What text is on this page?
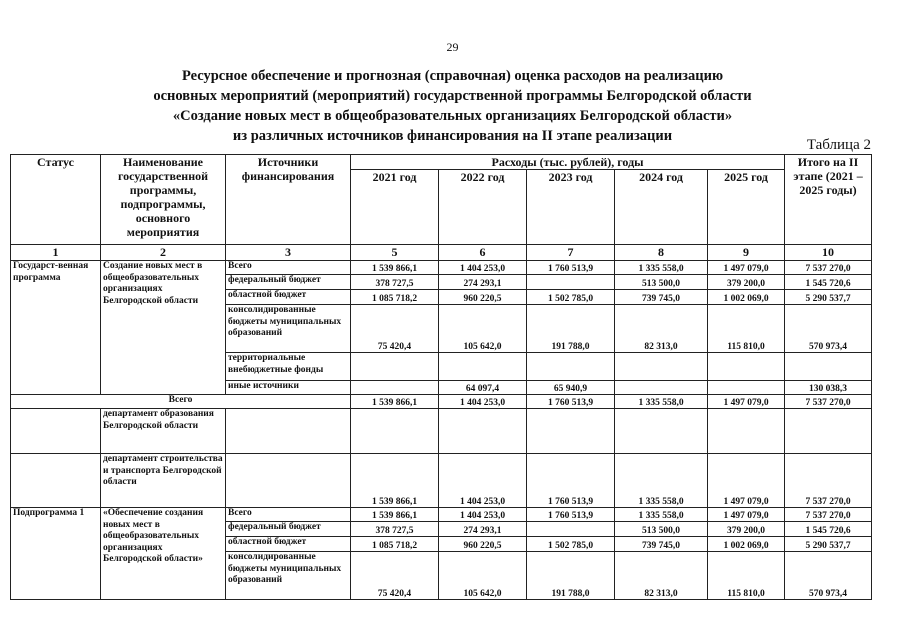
29
Ресурсное обеспечение и прогнозная (справочная) оценка расходов на реализацию
основных мероприятий (мероприятий) государственной программы Белгородской области
«Создание новых мест в общеобразовательных организациях Белгородской области»
из различных источников финансирования на II этапе реализации
Таблица 2
Статус	Наименование государственной программы, подпрограммы, основного мероприятия	Источники финансирования	Расходы (тыс. рублей), годы					Итого на II этапе (2021 – 2025 годы)
			2021 год	2022 год	2023 год	2024 год	2025 год	
1	2	3	5	6	7	8	9	10
Государст-венная программа	Создание новых мест в общеобразовательных организациях Белгородской области	Всего	1 539 866,1	1 404 253,0	1 760 513,9	1 335 558,0	1 497 079,0	7 537 270,0
		федеральный бюджет	378 727,5	274 293,1		513 500,0	379 200,0	1 545 720,6
		областной бюджет	1 085 718,2	960 220,5	1 502 785,0	739 745,0	1 002 069,0	5 290 537,7
		консолидированные бюджеты муниципальных образований	75 420,4	105 642,0	191 788,0	82 313,0	115 810,0	570 973,4
		территориальные внебюджетные фонды						
		иные источники		64 097,4	65 940,9			130 038,3
Всего			1 539 866,1	1 404 253,0	1 760 513,9	1 335 558,0	1 497 079,0	7 537 270,0
	департамент образования Белгородской области							
	департамент строительства и транспорта Белгородской области		1 539 866,1	1 404 253,0	1 760 513,9	1 335 558,0	1 497 079,0	7 537 270,0
Подпрограмма 1	«Обеспечение создания новых мест в общеобразовательных организациях Белгородской области»	Всего	1 539 866,1	1 404 253,0	1 760 513,9	1 335 558,0	1 497 079,0	7 537 270,0
		федеральный бюджет	378 727,5	274 293,1		513 500,0	379 200,0	1 545 720,6
		областной бюджет	1 085 718,2	960 220,5	1 502 785,0	739 745,0	1 002 069,0	5 290 537,7
		консолидированные бюджеты муниципальных образований	75 420,4	105 642,0	191 788,0	82 313,0	115 810,0	570 973,4
